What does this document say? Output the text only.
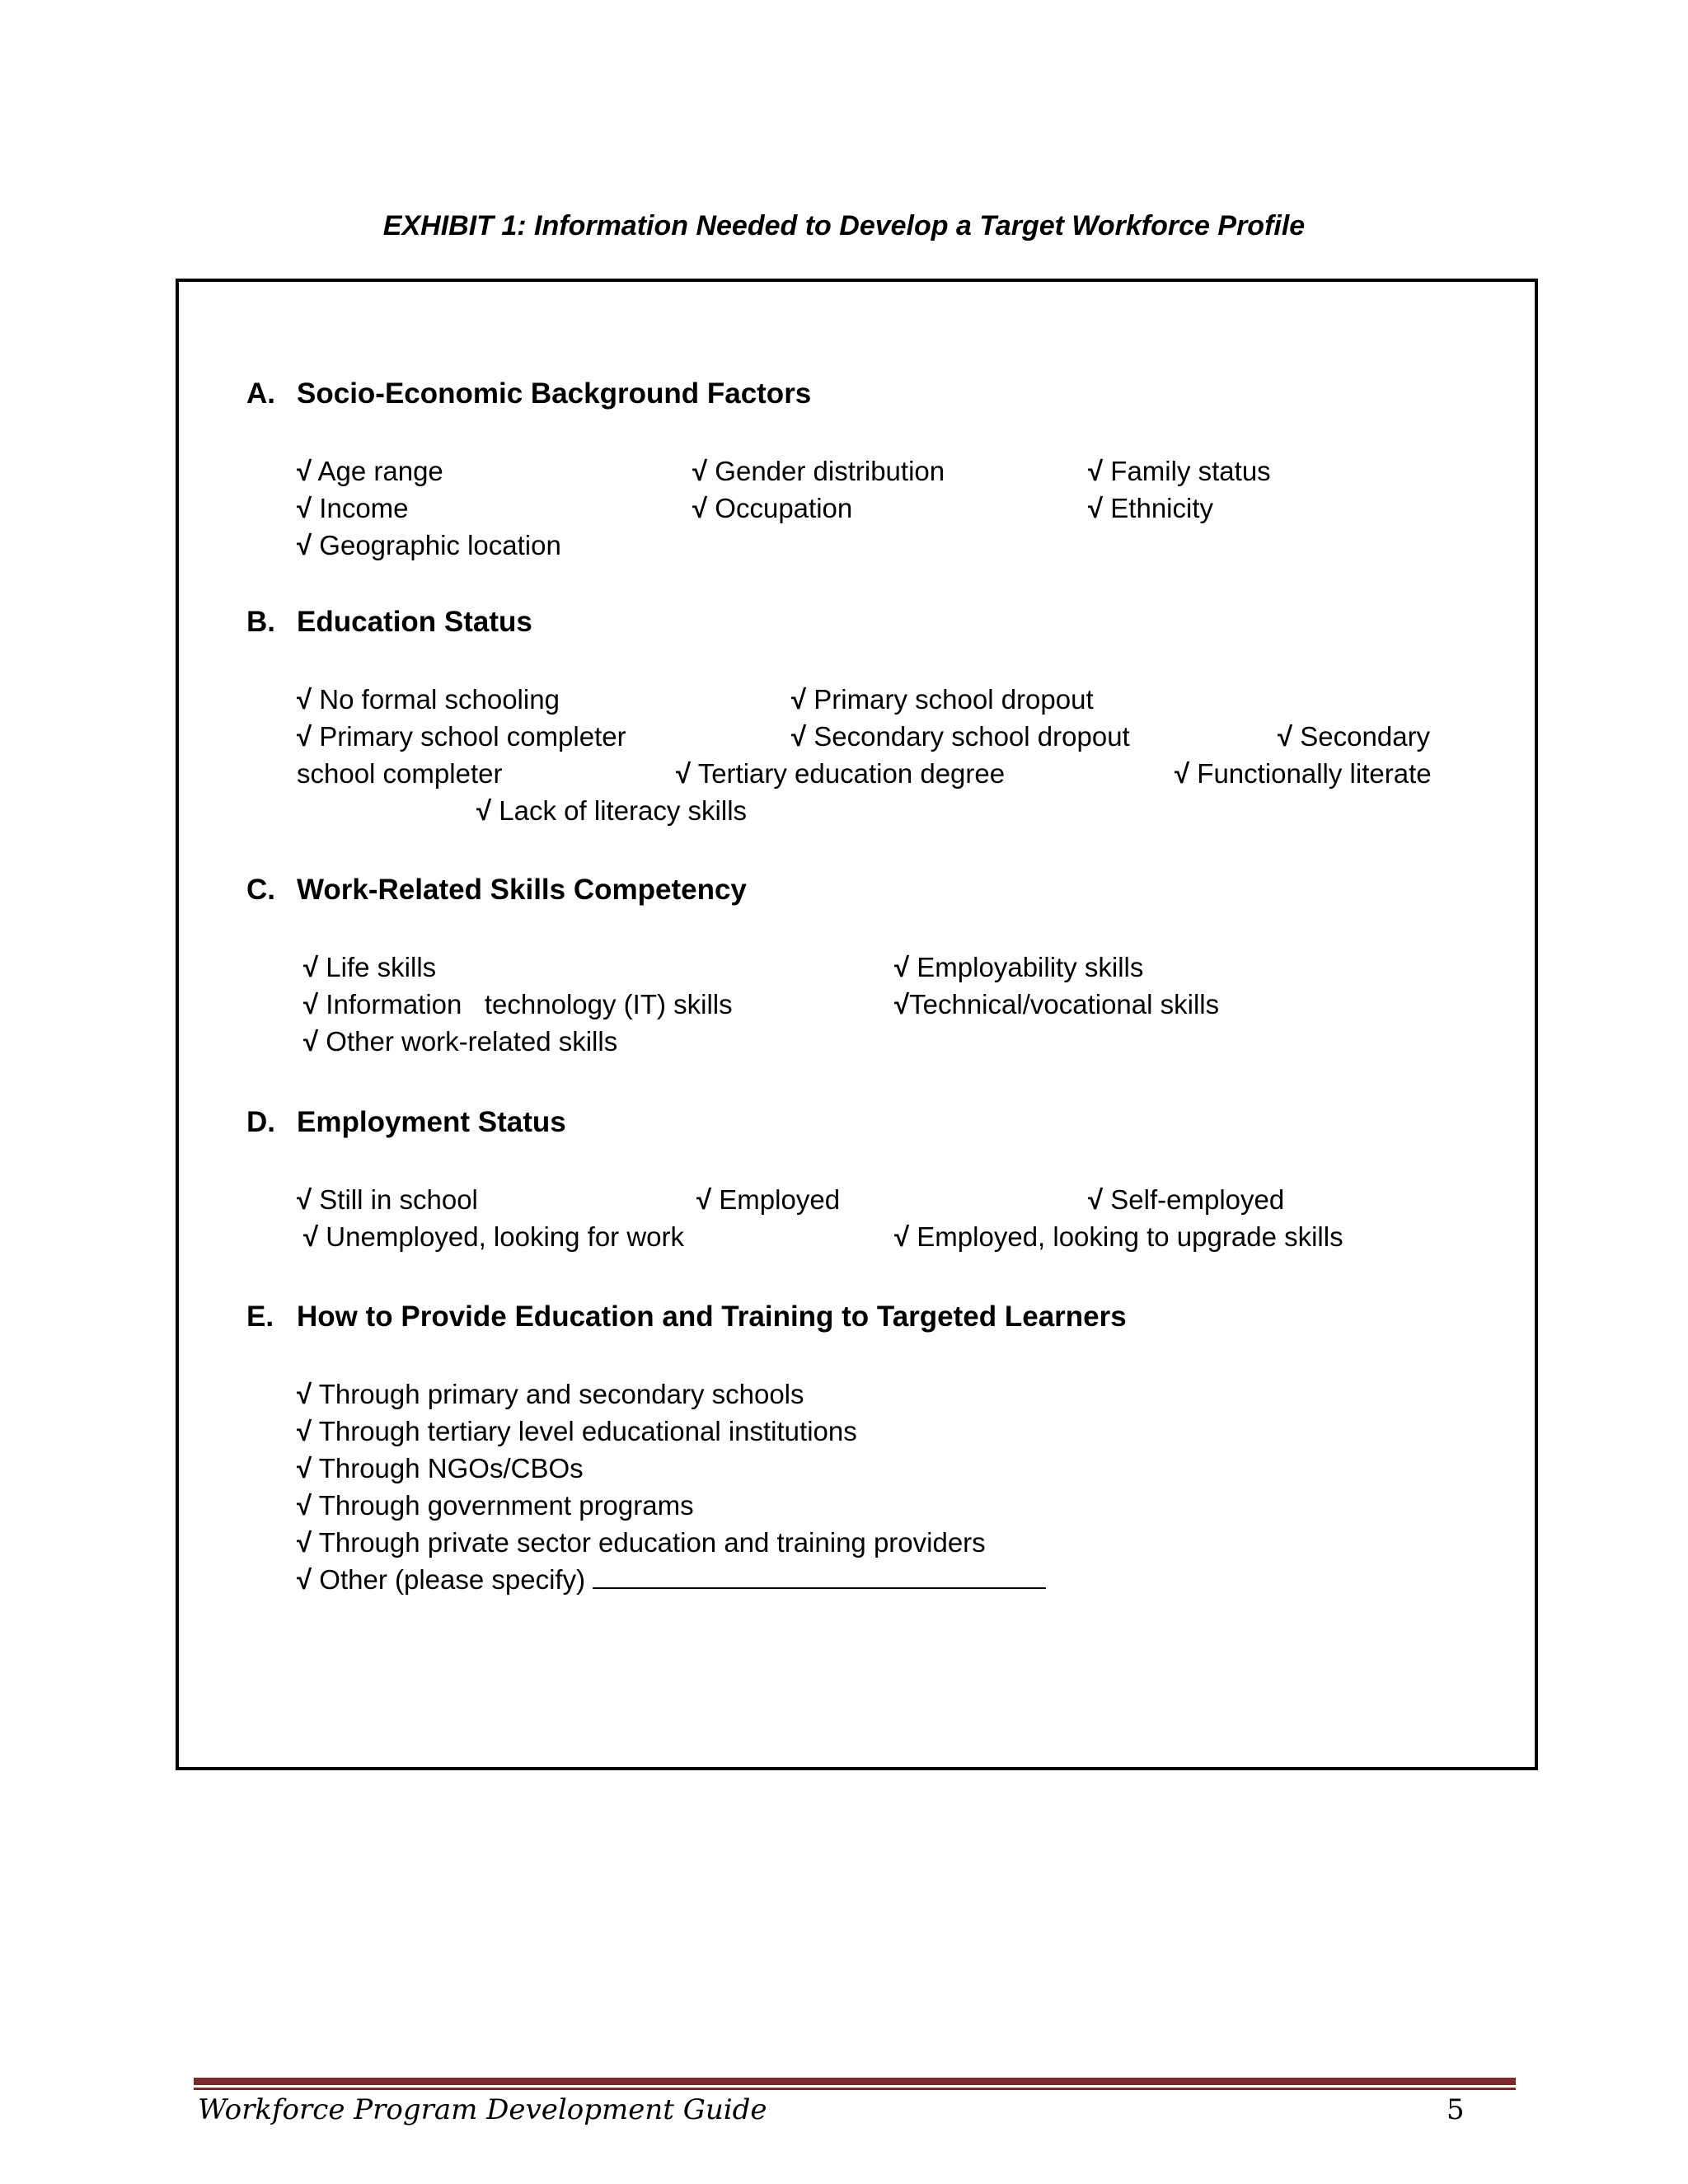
EXHIBIT 1: Information Needed to Develop a Target Workforce Profile
A. Socio-Economic Background Factors
√ Age range	√ Gender distribution	√ Family status
√ Income	√ Occupation	√ Ethnicity
√ Geographic location
B. Education Status
√ No formal schooling	√ Primary school dropout
√ Primary school completer	√ Secondary school dropout	√ Secondary
school completer	√ Tertiary education degree	√ Functionally literate
√ Lack of literacy skills
C. Work-Related Skills Competency
√ Life skills	√ Employability skills
√ Information   technology (IT) skills	√Technical/vocational skills
√ Other work-related skills
D. Employment Status
√ Still in school	√ Employed	√ Self-employed
√ Unemployed, looking for work	√ Employed, looking to upgrade skills
E. How to Provide Education and Training to Targeted Learners
√ Through primary and secondary schools
√ Through tertiary level educational institutions
√ Through NGOs/CBOs
√ Through government programs
√ Through private sector education and training providers
√ Other (please specify)
Workforce Program Development Guide	5
